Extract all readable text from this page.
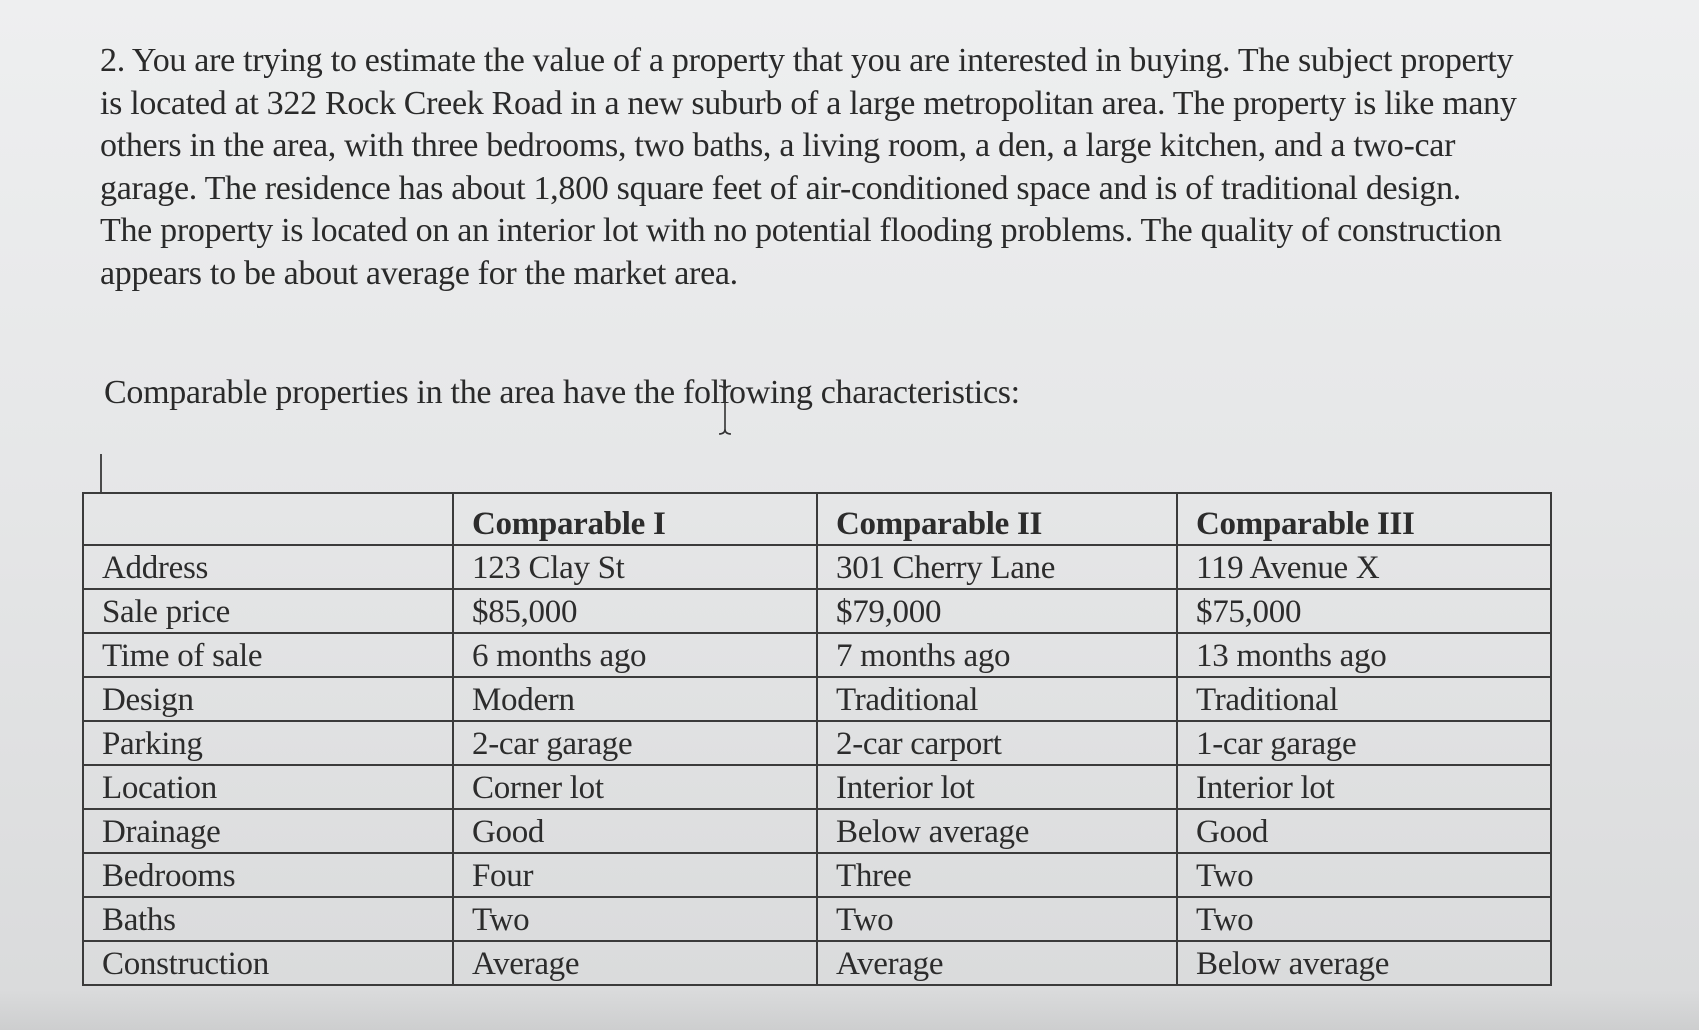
2. You are trying to estimate the value of a property that you are interested in buying. The subject property is located at 322 Rock Creek Road in a new suburb of a large metropolitan area. The property is like many others in the area, with three bedrooms, two baths, a living room, a den, a large kitchen, and a two-car garage. The residence has about 1,800 square feet of air-conditioned space and is of traditional design. The property is located on an interior lot with no potential flooding problems. The quality of construction appears to be about average for the market area.

Comparable properties in the area have the following characteristics:

	Comparable I	Comparable II	Comparable III
Address	123 Clay St	301 Cherry Lane	119 Avenue X
Sale price	$85,000	$79,000	$75,000
Time of sale	6 months ago	7 months ago	13 months ago
Design	Modern	Traditional	Traditional
Parking	2-car garage	2-car carport	1-car garage
Location	Corner lot	Interior lot	Interior lot
Drainage	Good	Below average	Good
Bedrooms	Four	Three	Two
Baths	Two	Two	Two
Construction	Average	Average	Below average
